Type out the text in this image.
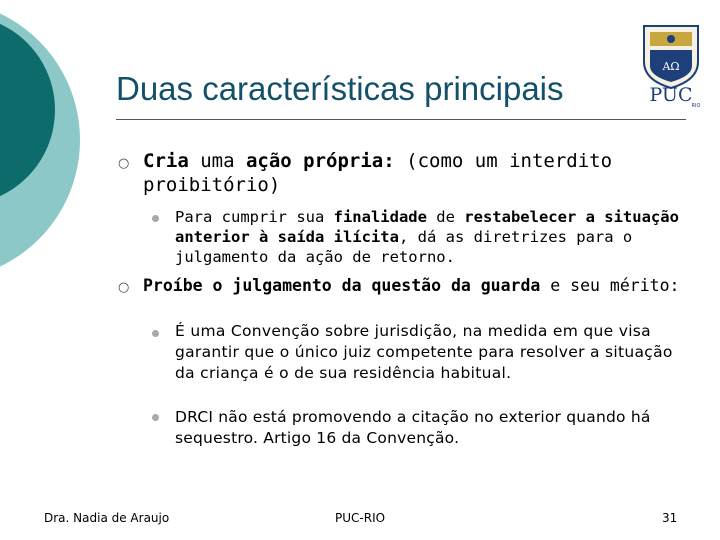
Duas características principais
AΩ
PUC RIO
○ Cria uma ação própria: (como um interdito proibitório)
Para cumprir sua finalidade de restabelecer a situação anterior à saída ilícita, dá as diretrizes para o julgamento da ação de retorno.
○ Proíbe o julgamento da questão da guarda e seu mérito:
É uma Convenção sobre jurisdição, na medida em que visa garantir que o único juiz competente para resolver a situação da criança é o de sua residência habitual.
DRCI não está promovendo a citação no exterior quando há sequestro. Artigo 16 da Convenção.
Dra. Nadia de Araujo	PUC-RIO	31
